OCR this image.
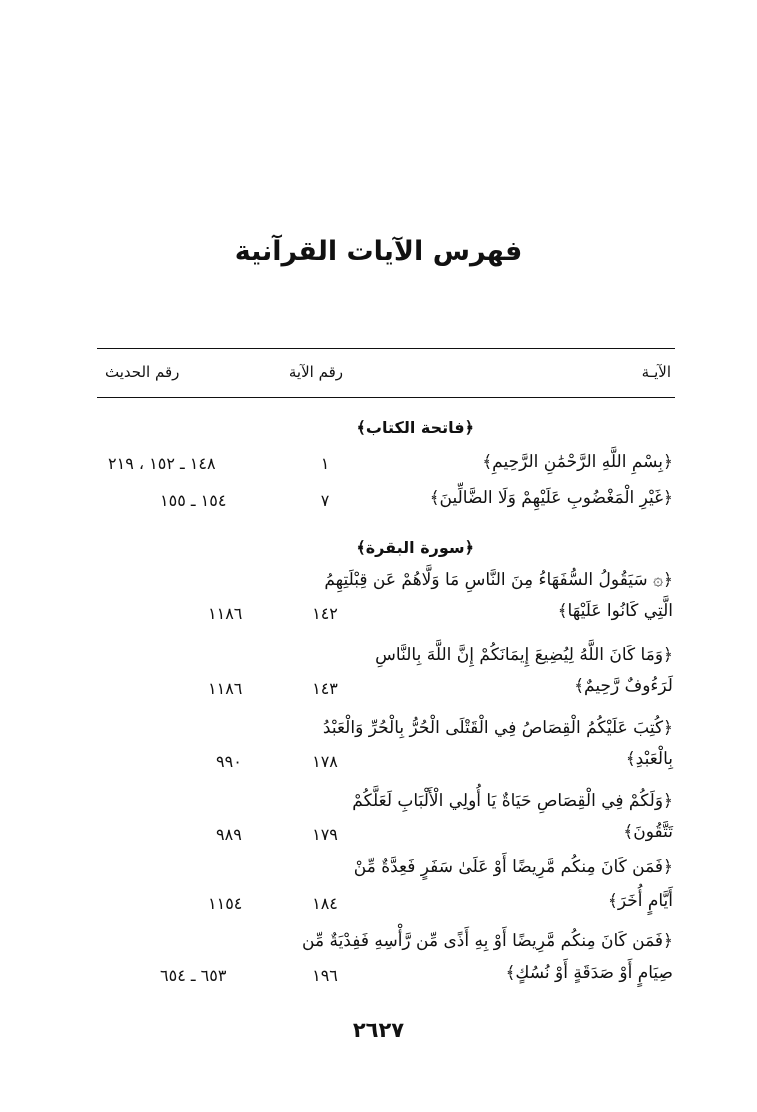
فهرس الآيات القرآنية
الآيـة
رقم الآية
رقم الحديث
﴿فاتحة الكتاب﴾
﴿بِسْمِ اللَّهِ الرَّحْمَٰنِ الرَّحِيمِ﴾
١
١٤٨ ـ ١٥٢ ، ٢١٩
﴿غَيْرِ الْمَغْضُوبِ عَلَيْهِمْ وَلَا الضَّالِّينَ﴾
٧
١٥٤ ـ ١٥٥
﴿سورة البقرة﴾
﴿۞ سَيَقُولُ السُّفَهَاءُ مِنَ النَّاسِ مَا وَلَّاهُمْ عَن قِبْلَتِهِمُ
الَّتِي كَانُوا عَلَيْهَا﴾
١٤٢
١١٨٦
﴿وَمَا كَانَ اللَّهُ لِيُضِيعَ إِيمَانَكُمْ إِنَّ اللَّهَ بِالنَّاسِ
لَرَءُوفٌ رَّحِيمٌ﴾
١٤٣
١١٨٦
﴿كُتِبَ عَلَيْكُمُ الْقِصَاصُ فِي الْقَتْلَى الْحُرُّ بِالْحُرِّ وَالْعَبْدُ
بِالْعَبْدِ﴾
١٧٨
٩٩٠
﴿وَلَكُمْ فِي الْقِصَاصِ حَيَاةٌ يَا أُولِي الْأَلْبَابِ لَعَلَّكُمْ
تَتَّقُونَ﴾
١٧٩
٩٨٩
﴿فَمَن كَانَ مِنكُم مَّرِيضًا أَوْ عَلَىٰ سَفَرٍ فَعِدَّةٌ مِّنْ
أَيَّامٍ أُخَرَ﴾
١٨٤
١١٥٤
﴿فَمَن كَانَ مِنكُم مَّرِيضًا أَوْ بِهِ أَذًى مِّن رَّأْسِهِ فَفِدْيَةٌ مِّن
صِيَامٍ أَوْ صَدَقَةٍ أَوْ نُسُكٍ﴾
١٩٦
٦٥٣ ـ ٦٥٤
٢٦٢٧
